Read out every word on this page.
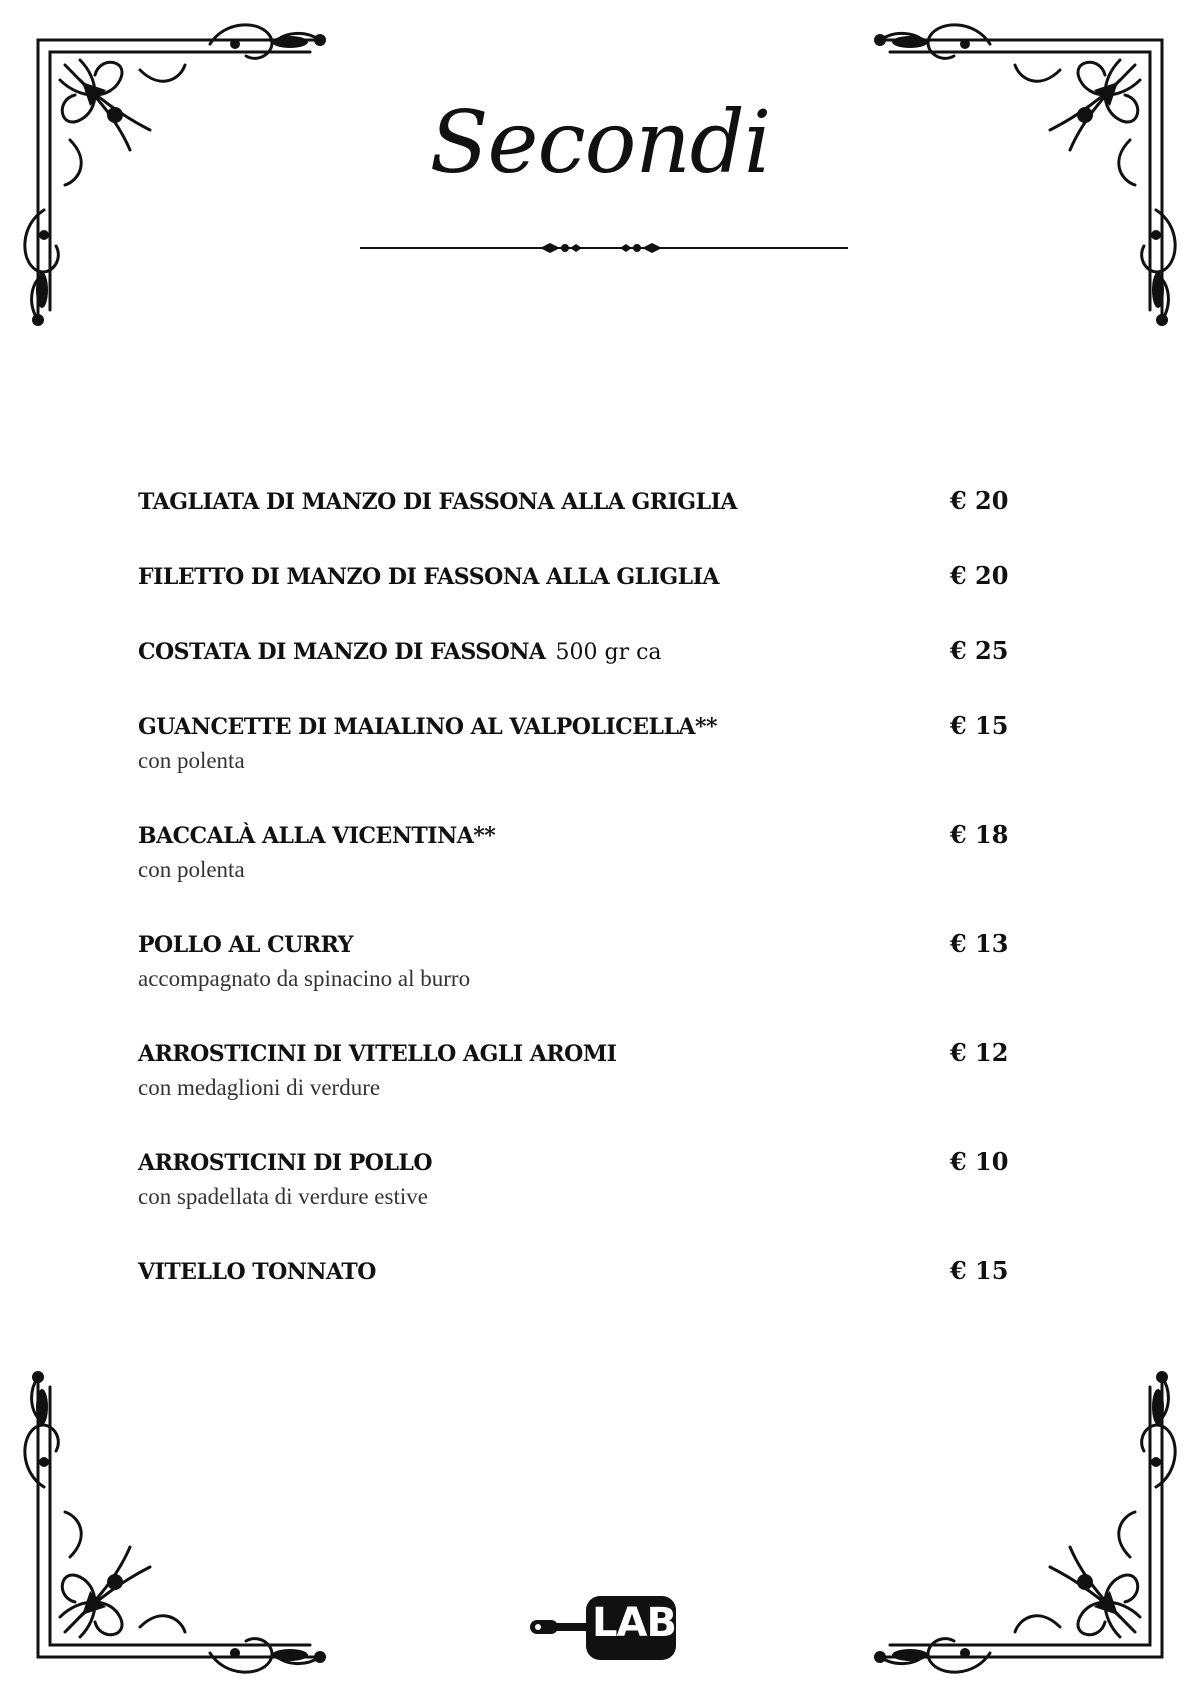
Secondi
TAGLIATA DI MANZO DI FASSONA ALLA GRIGLIA	€ 20
FILETTO DI MANZO DI FASSONA ALLA GLIGLIA	€ 20
COSTATA DI MANZO DI FASSONA 500 gr ca	€ 25
GUANCETTE DI MAIALINO AL VALPOLICELLA**	€ 15
con polenta
BACCALÀ ALLA VICENTINA**	€ 18
con polenta
POLLO AL CURRY	€ 13
accompagnato da spinacino al burro
ARROSTICINI DI VITELLO AGLI AROMI	€ 12
con medaglioni di verdure
ARROSTICINI DI POLLO	€ 10
con spadellata di verdure estive
VITELLO TONNATO	€ 15
LAB
